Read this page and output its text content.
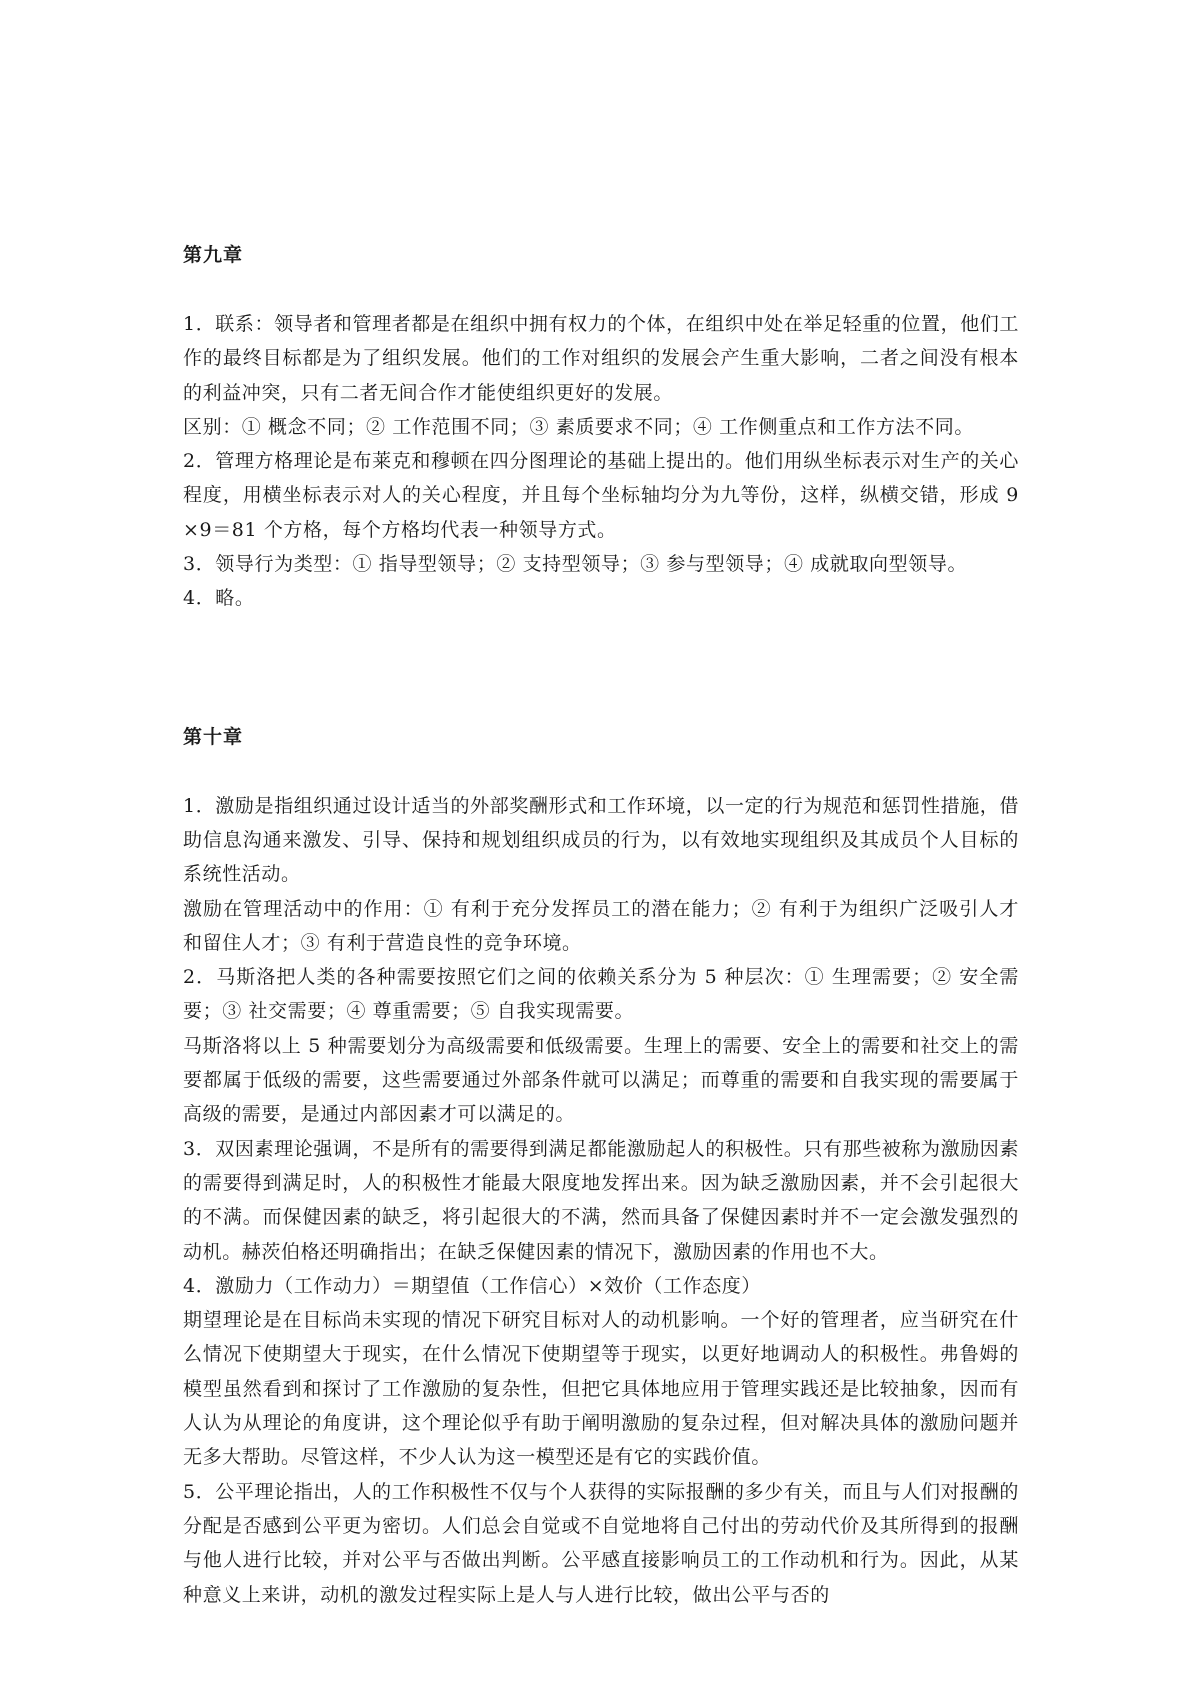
第九章

1．联系：领导者和管理者都是在组织中拥有权力的个体，在组织中处在举足轻重的位置，他们工作的最终目标都是为了组织发展。他们的工作对组织的发展会产生重大影响，二者之间没有根本的利益冲突，只有二者无间合作才能使组织更好的发展。

区别：① 概念不同；② 工作范围不同；③ 素质要求不同；④ 工作侧重点和工作方法不同。

2．管理方格理论是布莱克和穆顿在四分图理论的基础上提出的。他们用纵坐标表示对生产的关心程度，用横坐标表示对人的关心程度，并且每个坐标轴均分为九等份，这样，纵横交错，形成 9×9＝81 个方格，每个方格均代表一种领导方式。

3．领导行为类型：① 指导型领导；② 支持型领导；③ 参与型领导；④ 成就取向型领导。

4．略。

第十章

1．激励是指组织通过设计适当的外部奖酬形式和工作环境，以一定的行为规范和惩罚性措施，借助信息沟通来激发、引导、保持和规划组织成员的行为，以有效地实现组织及其成员个人目标的系统性活动。

激励在管理活动中的作用：① 有利于充分发挥员工的潜在能力；② 有利于为组织广泛吸引人才和留住人才；③ 有利于营造良性的竞争环境。

2．马斯洛把人类的各种需要按照它们之间的依赖关系分为 5 种层次：① 生理需要；② 安全需要；③ 社交需要；④ 尊重需要；⑤ 自我实现需要。

马斯洛将以上 5 种需要划分为高级需要和低级需要。生理上的需要、安全上的需要和社交上的需要都属于低级的需要，这些需要通过外部条件就可以满足；而尊重的需要和自我实现的需要属于高级的需要，是通过内部因素才可以满足的。

3．双因素理论强调，不是所有的需要得到满足都能激励起人的积极性。只有那些被称为激励因素的需要得到满足时，人的积极性才能最大限度地发挥出来。因为缺乏激励因素，并不会引起很大的不满。而保健因素的缺乏，将引起很大的不满，然而具备了保健因素时并不一定会激发强烈的动机。赫茨伯格还明确指出；在缺乏保健因素的情况下，激励因素的作用也不大。

4．激励力（工作动力）＝期望值（工作信心）×效价（工作态度）

期望理论是在目标尚未实现的情况下研究目标对人的动机影响。一个好的管理者，应当研究在什么情况下使期望大于现实，在什么情况下使期望等于现实，以更好地调动人的积极性。弗鲁姆的模型虽然看到和探讨了工作激励的复杂性，但把它具体地应用于管理实践还是比较抽象，因而有人认为从理论的角度讲，这个理论似乎有助于阐明激励的复杂过程，但对解决具体的激励问题并无多大帮助。尽管这样，不少人认为这一模型还是有它的实践价值。

5．公平理论指出，人的工作积极性不仅与个人获得的实际报酬的多少有关，而且与人们对报酬的分配是否感到公平更为密切。人们总会自觉或不自觉地将自己付出的劳动代价及其所得到的报酬与他人进行比较，并对公平与否做出判断。公平感直接影响员工的工作动机和行为。因此，从某种意义上来讲，动机的激发过程实际上是人与人进行比较，做出公平与否的
